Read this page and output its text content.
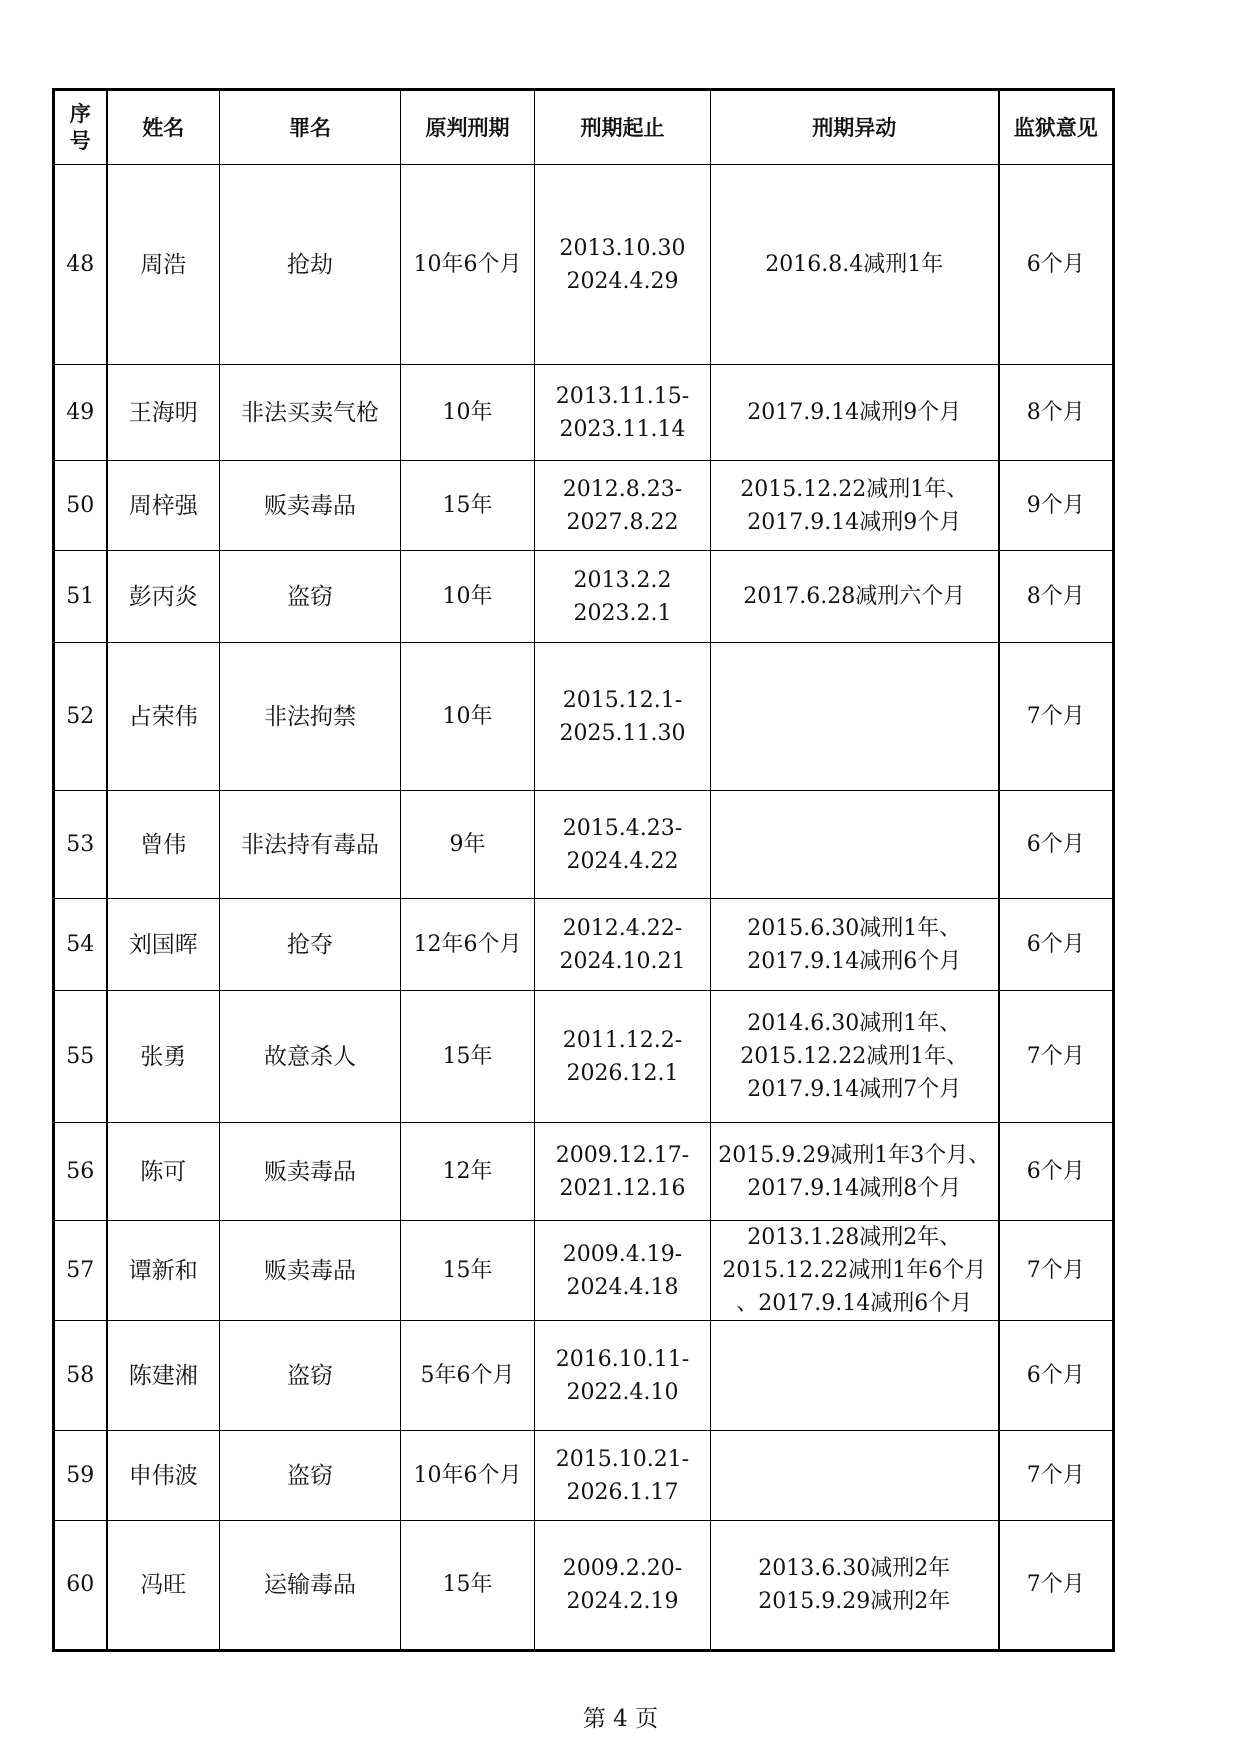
序
号	姓名	罪名	原判刑期	刑期起止	刑期异动	监狱意见
48	周浩	抢劫	10年6个月	2013.10.30
2024.4.29	2016.8.4减刑1年	6个月
49	王海明	非法买卖气枪	10年	2013.11.15-
2023.11.14	2017.9.14减刑9个月	8个月
50	周梓强	贩卖毒品	15年	2012.8.23-
2027.8.22	2015.12.22减刑1年、
2017.9.14减刑9个月	9个月
51	彭丙炎	盗窃	10年	2013.2.2
2023.2.1	2017.6.28减刑六个月	8个月
52	占荣伟	非法拘禁	10年	2015.12.1-
2025.11.30		7个月
53	曾伟	非法持有毒品	9年	2015.4.23-
2024.4.22		6个月
54	刘国晖	抢夺	12年6个月	2012.4.22-
2024.10.21	2015.6.30减刑1年、
2017.9.14减刑6个月	6个月
55	张勇	故意杀人	15年	2011.12.2-
2026.12.1	2014.6.30减刑1年、
2015.12.22减刑1年、
2017.9.14减刑7个月	7个月
56	陈可	贩卖毒品	12年	2009.12.17-
2021.12.16	2015.9.29减刑1年3个月、
2017.9.14减刑8个月	6个月
57	谭新和	贩卖毒品	15年	2009.4.19-
2024.4.18	2013.1.28减刑2年、
2015.12.22减刑1年6个月
、2017.9.14减刑6个月	7个月
58	陈建湘	盗窃	5年6个月	2016.10.11-
2022.4.10		6个月
59	申伟波	盗窃	10年6个月	2015.10.21-
2026.1.17		7个月
60	冯旺	运输毒品	15年	2009.2.20-
2024.2.19	2013.6.30减刑2年
2015.9.29减刑2年	7个月
第 4 页
